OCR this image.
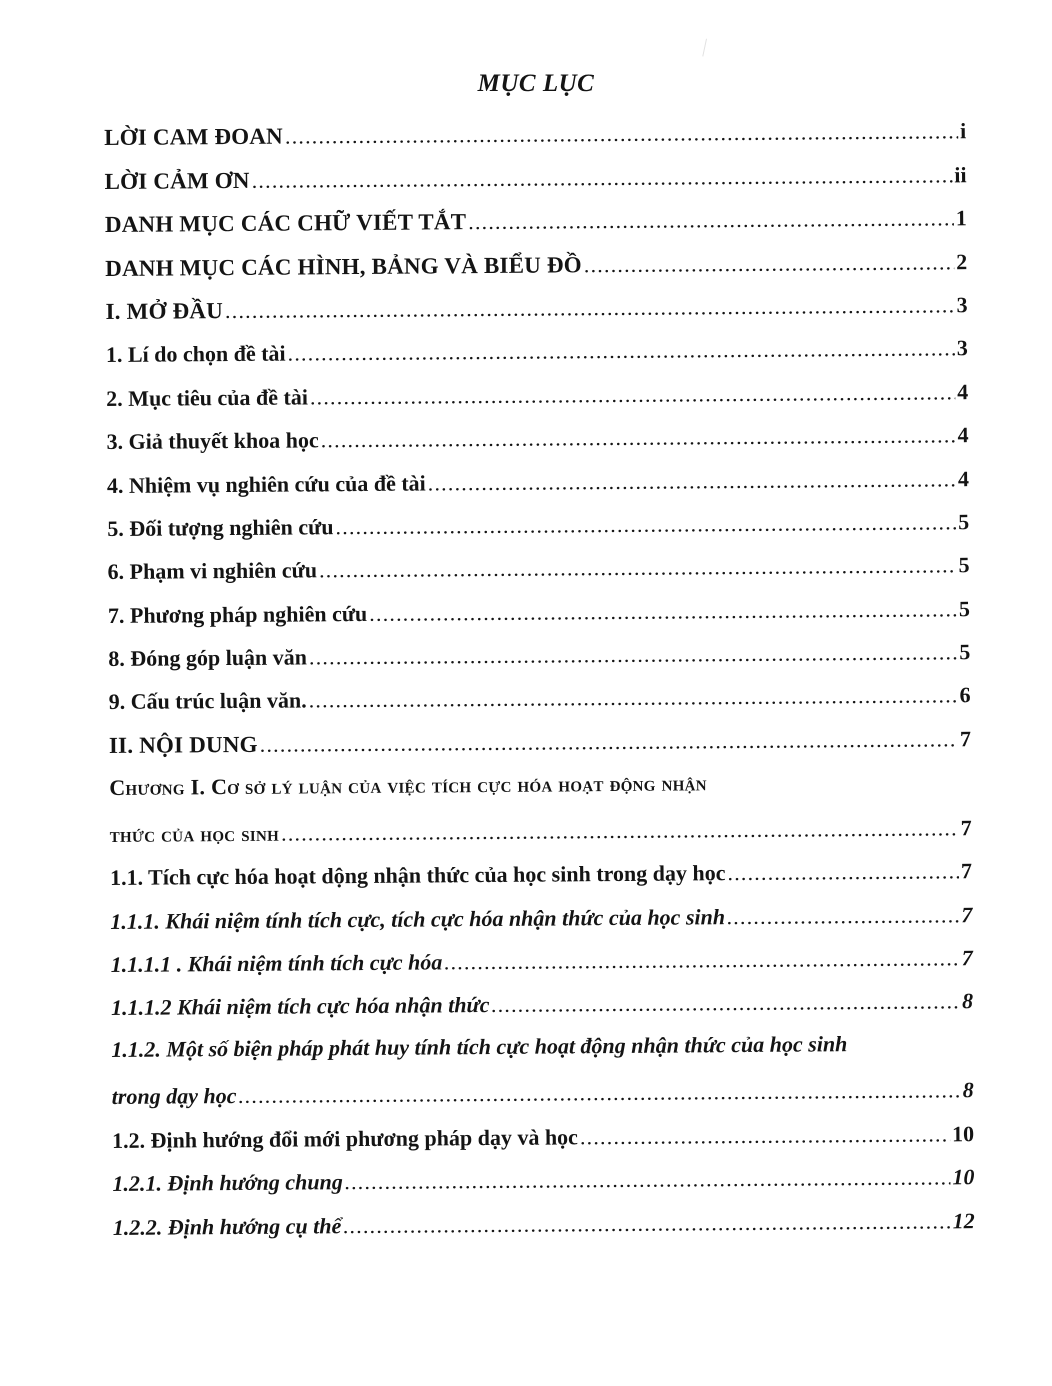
MỤC LỤC
LỜI CAM ĐOAN .....	i
LỜI CẢM ƠN .....	ii
DANH MỤC CÁC CHỮ VIẾT TẮT .....	1
DANH MỤC CÁC HÌNH, BẢNG VÀ BIỂU ĐỒ .....	2
I. MỞ ĐẦU .....	3
1. Lí do chọn đề tài .....	3
2. Mục tiêu của đề tài .....	4
3. Giả thuyết khoa học .....	4
4. Nhiệm vụ nghiên cứu của đề tài .....	4
5. Đối tượng nghiên cứu .....	5
6. Phạm vi nghiên cứu .....	5
7. Phương pháp nghiên cứu .....	5
8. Đóng góp luận văn .....	5
9. Cấu trúc luận văn. .....	6
II. NỘI DUNG .....	7
Chương I. Cơ sở lý luận của việc tích cực hóa hoạt động nhận
thức của học sinh .....	7
1.1. Tích cực hóa hoạt dộng nhận thức của học sinh trong dạy học .....	7
1.1.1. Khái niệm tính tích cực, tích cực hóa nhận thức của học sinh .....	7
1.1.1.1 . Khái niệm tính tích cực hóa .....	7
1.1.1.2 Khái niệm tích cực hóa nhận thức .....	8
1.1.2. Một số biện pháp phát huy tính tích cực hoạt động nhận thức của học sinh
trong dạy học .....	8
1.2. Định hướng đổi mới phương pháp dạy và học .....	10
1.2.1. Định hướng chung .....	10
1.2.2. Định hướng cụ thể .....	12
